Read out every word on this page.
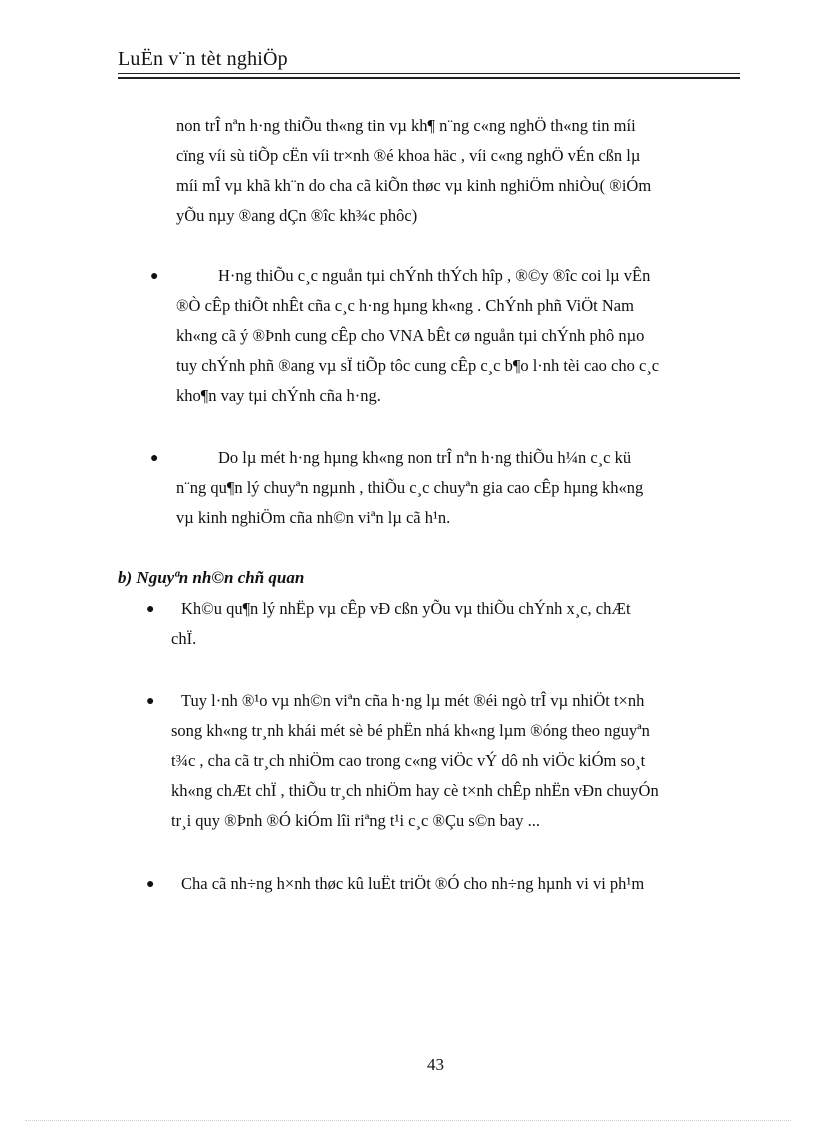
LuËn v¨n tèt nghiÖp
non trÎ nªn h·ng thiÕu th«ng tin vµ kh¶ n¨ng c«ng nghÖ th«ng tin míi
cïng víi sù tiÕp cËn víi tr×nh ®é khoa häc , víi c«ng nghÖ vÉn cßn lµ
míi mÎ vµ khã kh¨n do cha cã kiÕn thøc vµ kinh nghiÖm nhiÒu( ®iÓm
yÕu nµy ®ang dÇn ®îc kh¾c phôc)
●	H·ng thiÕu c¸c nguån tµi chÝnh thÝch hîp , ®©y ®îc coi lµ vÊn
®Ò cÊp thiÕt nhÊt cña c¸c h·ng hµng kh«ng . ChÝnh phñ ViÖt Nam
kh«ng cã ý ®Þnh cung cÊp cho VNA bÊt cø nguån tµi chÝnh phô nµo
tuy chÝnh phñ ®ang vµ sÏ tiÕp tôc cung cÊp c¸c b¶o l·nh tèi cao cho c¸c
kho¶n vay tµi chÝnh cña h·ng.
●	Do lµ mét h·ng hµng kh«ng non trÎ nªn h·ng thiÕu h¼n c¸c kü
n¨ng qu¶n lý chuyªn ngµnh , thiÕu c¸c chuyªn gia cao cÊp hµng kh«ng
vµ kinh nghiÖm cña nh©n viªn lµ cã h¹n.
b) Nguyªn nh©n chñ quan
● Kh©u qu¶n lý nhËp vµ cÊp vÐ cßn yÕu vµ thiÕu chÝnh x¸c, chÆt
chÏ.
● Tuy l·nh ®¹o vµ nh©n viªn cña h·ng lµ mét ®éi ngò trÎ vµ nhiÖt t×nh
song kh«ng tr¸nh khái mét sè bé phËn nhá kh«ng lµm ®óng theo nguyªn
t¾c , cha cã tr¸ch nhiÖm cao trong c«ng viÖc vÝ dô nh viÖc kiÓm so¸t
kh«ng chÆt chÏ , thiÕu tr¸ch nhiÖm hay cè t×nh chÊp nhËn vÐn chuyÓn
tr¸i quy ®Þnh ®Ó kiÓm lîi riªng t¹i c¸c ®Çu s©n bay ...
● Cha cã nh÷ng h×nh thøc kû luËt triÖt ®Ó cho nh÷ng hµnh vi vi ph¹m
43
